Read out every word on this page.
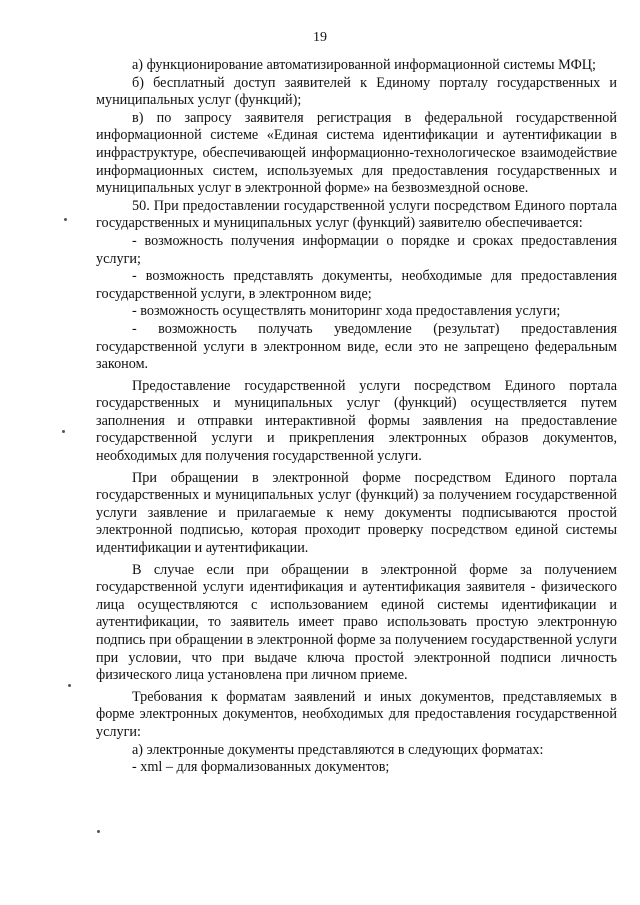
19

а) функционирование автоматизированной информационной системы МФЦ;

б) бесплатный доступ заявителей к Единому порталу государственных и муниципальных услуг (функций);

в) по запросу заявителя регистрация в федеральной государственной информационной системе «Единая система идентификации и аутентификации в инфраструктуре, обеспечивающей информационно-технологическое взаимодействие информационных систем, используемых для предоставления государственных и муниципальных услуг в электронной форме» на безвозмездной основе.

50. При предоставлении государственной услуги посредством Единого портала государственных и муниципальных услуг (функций) заявителю обеспечивается:

- возможность получения информации о порядке и сроках предоставления услуги;

- возможность представлять документы, необходимые для предоставления государственной услуги, в электронном виде;

- возможность осуществлять мониторинг хода предоставления услуги;

- возможность получать уведомление (результат) предоставления государственной услуги в электронном виде, если это не запрещено федеральным законом.

Предоставление государственной услуги посредством Единого портала государственных и муниципальных услуг (функций) осуществляется путем заполнения и отправки интерактивной формы заявления на предоставление государственной услуги и прикрепления электронных образов документов, необходимых для получения государственной услуги.

При обращении в электронной форме посредством Единого портала государственных и муниципальных услуг (функций) за получением государственной услуги заявление и прилагаемые к нему документы подписываются простой электронной подписью, которая проходит проверку посредством единой системы идентификации и аутентификации.

В случае если при обращении в электронной форме за получением государственной услуги идентификация и аутентификация заявителя - физического лица осуществляются с использованием единой системы идентификации и аутентификации, то заявитель имеет право использовать простую электронную подпись при обращении в электронной форме за получением государственной услуги при условии, что при выдаче ключа простой электронной подписи личность физического лица установлена при личном приеме.

Требования к форматам заявлений и иных документов, представляемых в форме электронных документов, необходимых для предоставления государственной услуги:

а) электронные документы представляются в следующих форматах:

- xml – для формализованных документов;
